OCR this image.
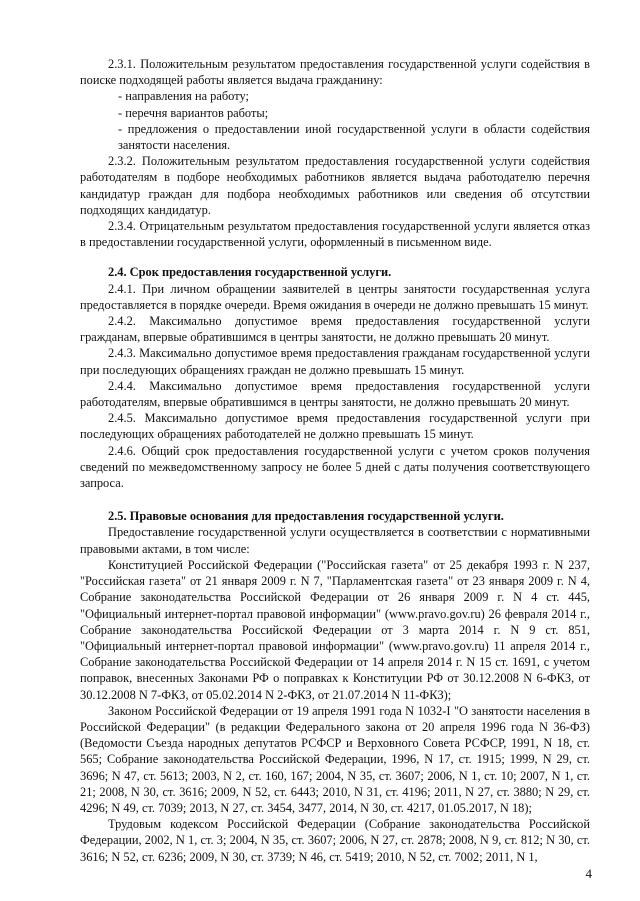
2.3.1. Положительным результатом предоставления государственной услуги содействия в поиске подходящей работы является выдача гражданину:

- направления на работу;

- перечня вариантов работы;

- предложения о предоставлении иной государственной услуги в области содействия занятости населения.

2.3.2. Положительным результатом предоставления государственной услуги содействия работодателям в подборе необходимых работников является выдача работодателю перечня кандидатур граждан для подбора необходимых работников или сведения об отсутствии подходящих кандидатур.

2.3.4. Отрицательным результатом предоставления государственной услуги является отказ в предоставлении государственной услуги, оформленный в письменном виде.

2.4. Срок предоставления государственной услуги.

2.4.1. При личном обращении заявителей в центры занятости государственная услуга предоставляется в порядке очереди. Время ожидания в очереди не должно превышать 15 минут.

2.4.2. Максимально допустимое время предоставления государственной услуги гражданам, впервые обратившимся в центры занятости, не должно превышать 20 минут.

2.4.3. Максимально допустимое время предоставления гражданам государственной услуги при последующих обращениях граждан не должно превышать 15 минут.

2.4.4. Максимально допустимое время предоставления государственной услуги работодателям, впервые обратившимся в центры занятости, не должно превышать 20 минут.

2.4.5. Максимально допустимое время предоставления государственной услуги при последующих обращениях работодателей не должно превышать 15 минут.

2.4.6. Общий срок предоставления государственной услуги с учетом сроков получения сведений по межведомственному запросу не более 5 дней с даты получения соответствующего запроса.

2.5. Правовые основания для предоставления государственной услуги.

Предоставление государственной услуги осуществляется в соответствии с нормативными правовыми актами, в том числе:

Конституцией Российской Федерации ("Российская газета" от 25 декабря 1993 г. N 237, "Российская газета" от 21 января 2009 г. N 7, "Парламентская газета" от 23 января 2009 г. N 4, Собрание законодательства Российской Федерации от 26 января 2009 г. N 4 ст. 445, "Официальный интернет-портал правовой информации" (www.pravo.gov.ru) 26 февраля 2014 г., Собрание законодательства Российской Федерации от 3 марта 2014 г. N 9 ст. 851, "Официальный интернет-портал правовой информации" (www.pravo.gov.ru) 11 апреля 2014 г., Собрание законодательства Российской Федерации от 14 апреля 2014 г. N 15 ст. 1691, с учетом поправок, внесенных Законами РФ о поправках к Конституции РФ от 30.12.2008 N 6-ФКЗ, от 30.12.2008 N 7-ФКЗ, от 05.02.2014 N 2-ФКЗ, от 21.07.2014 N 11-ФКЗ);

Законом Российской Федерации от 19 апреля 1991 года N 1032-I "О занятости населения в Российской Федерации" (в редакции Федерального закона от 20 апреля 1996 года N 36-ФЗ) (Ведомости Съезда народных депутатов РСФСР и Верховного Совета РСФСР, 1991, N 18, ст. 565; Собрание законодательства Российской Федерации, 1996, N 17, ст. 1915; 1999, N 29, ст. 3696; N 47, ст. 5613; 2003, N 2, ст. 160, 167; 2004, N 35, ст. 3607; 2006, N 1, ст. 10; 2007, N 1, ст. 21; 2008, N 30, ст. 3616; 2009, N 52, ст. 6443; 2010, N 31, ст. 4196; 2011, N 27, ст. 3880; N 29, ст. 4296; N 49, ст. 7039; 2013, N 27, ст. 3454, 3477, 2014, N 30, ст. 4217, 01.05.2017, N 18);

Трудовым кодексом Российской Федерации (Собрание законодательства Российской Федерации, 2002, N 1, ст. 3; 2004, N 35, ст. 3607; 2006, N 27, ст. 2878; 2008, N 9, ст. 812; N 30, ст. 3616; N 52, ст. 6236; 2009, N 30, ст. 3739; N 46, ст. 5419; 2010, N 52, ст. 7002; 2011, N 1,

4
